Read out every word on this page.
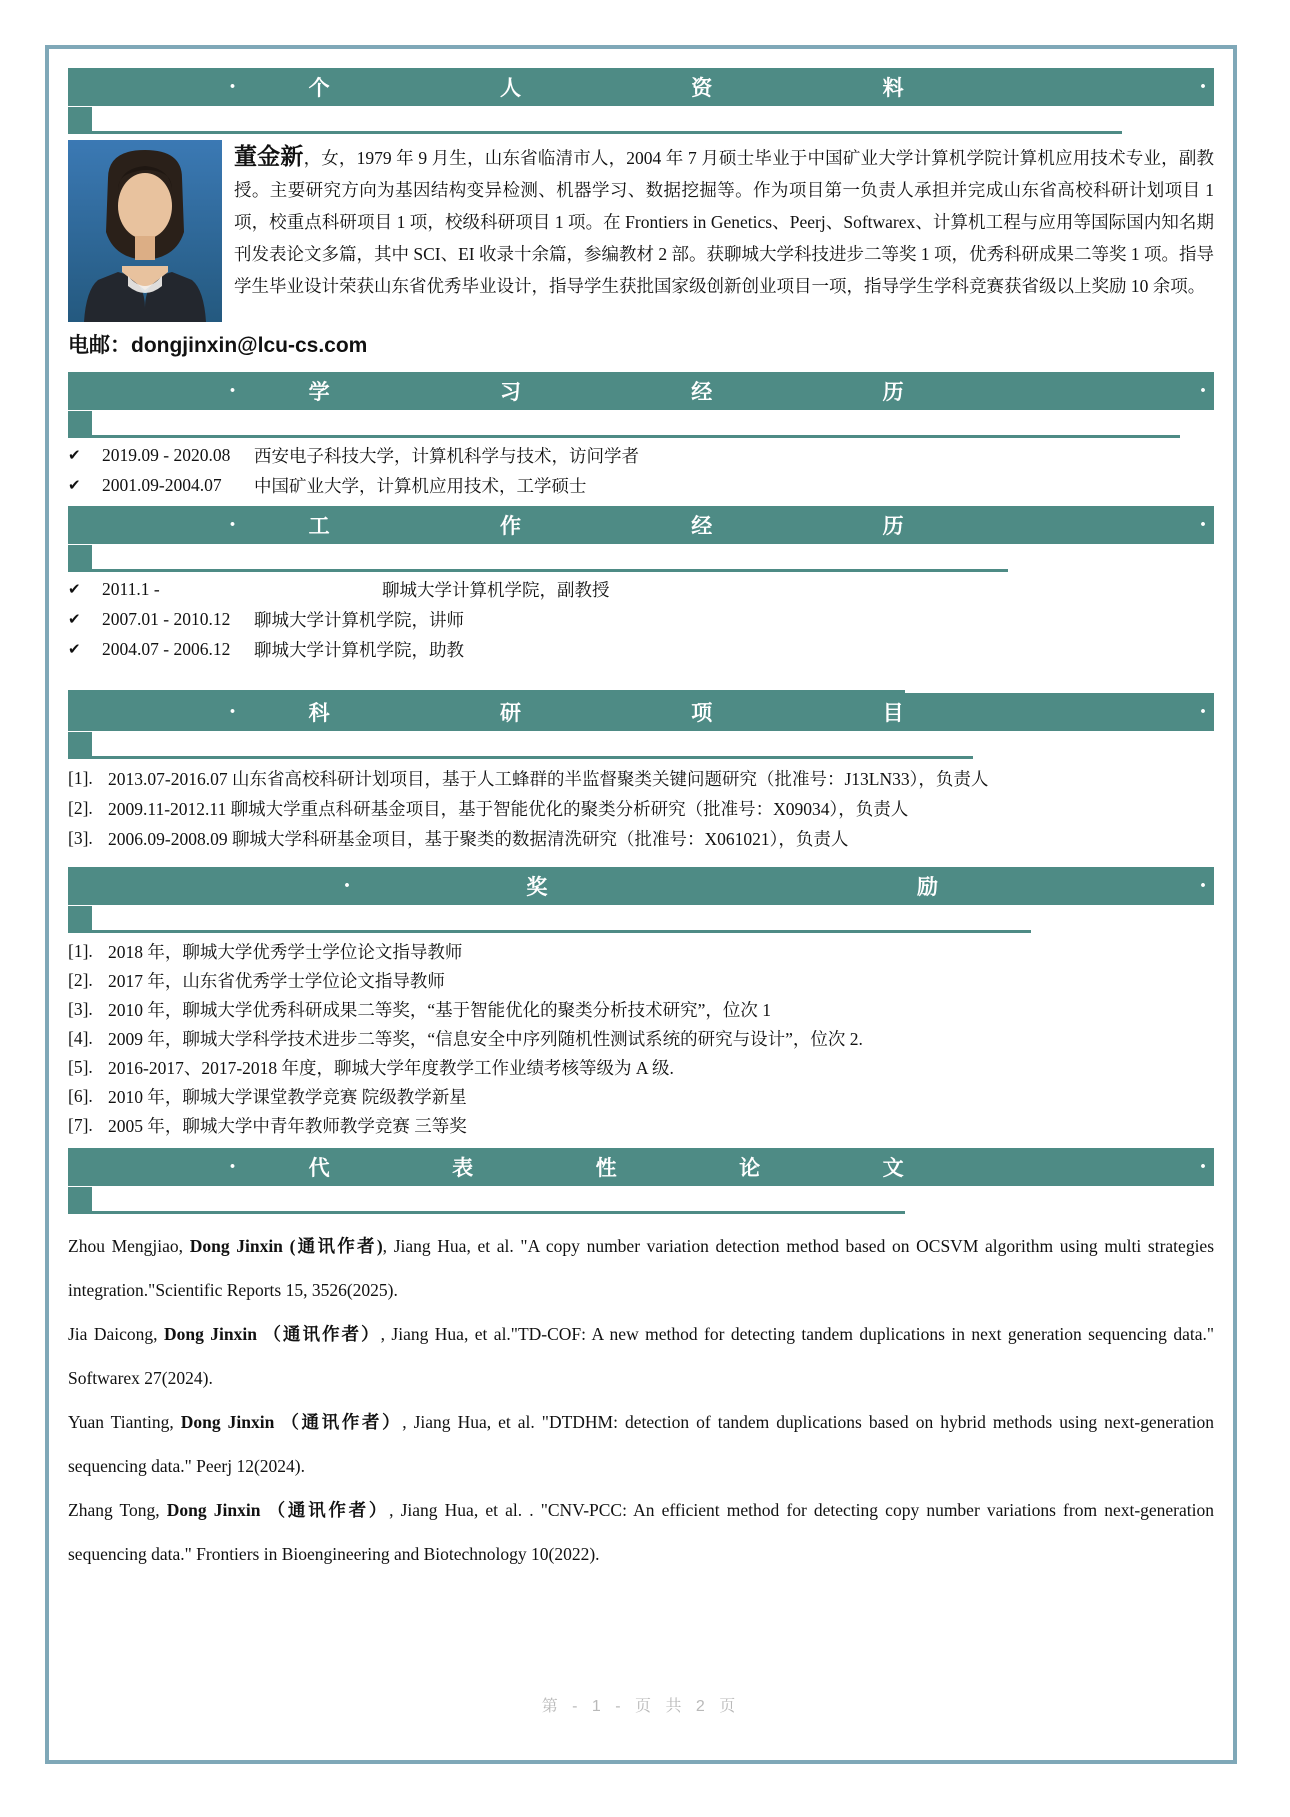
·	个 人 资 料	·

董金新，女，1979 年 9 月生，山东省临清市人，2004 年 7 月硕士毕业于中国矿业大学计算机学院计算机应用技术专业，副教授。主要研究方向为基因结构变异检测、机器学习、数据挖掘等。作为项目第一负责人承担并完成山东省高校科研计划项目 1 项，校重点科研项目 1 项，校级科研项目 1 项。在 Frontiers in Genetics、Peerj、Softwarex、计算机工程与应用等国际国内知名期刊发表论文多篇，其中 SCI、EI 收录十余篇，参编教材 2 部。获聊城大学科技进步二等奖 1 项，优秀科研成果二等奖 1 项。指导学生毕业设计荣获山东省优秀毕业设计，指导学生获批国家级创新创业项目一项，指导学生学科竞赛获省级以上奖励 10 余项。

电邮：dongjinxin@lcu-cs.com
·	学 习 经 历	·
✔	2019.09 - 2020.08	西安电子科技大学，计算机科学与技术，访问学者
✔	2001.09-2004.07	中国矿业大学，计算机应用技术，工学硕士
·	工 作 经 历	·
✔	2011.1 -	聊城大学计算机学院，副教授
✔	2007.01 - 2010.12	聊城大学计算机学院，讲师
✔	2004.07 - 2006.12	聊城大学计算机学院，助教
·	科 研 项 目	·
[1]. 2013.07-2016.07 山东省高校科研计划项目，基于人工蜂群的半监督聚类关键问题研究（批准号：J13LN33），负责人
[2]. 2009.11-2012.11 聊城大学重点科研基金项目，基于智能优化的聚类分析研究（批准号：X09034），负责人
[3]. 2006.09-2008.09 聊城大学科研基金项目，基于聚类的数据清洗研究（批准号：X061021），负责人
·	奖 励	·
[1]. 2018 年，聊城大学优秀学士学位论文指导教师
[2]. 2017 年，山东省优秀学士学位论文指导教师
[3]. 2010 年，聊城大学优秀科研成果二等奖，“基于智能优化的聚类分析技术研究”，位次 1
[4]. 2009 年，聊城大学科学技术进步二等奖，“信息安全中序列随机性测试系统的研究与设计”，位次 2.
[5]. 2016-2017、2017-2018 年度，聊城大学年度教学工作业绩考核等级为 A 级.
[6]. 2010 年，聊城大学课堂教学竞赛 院级教学新星
[7]. 2005 年，聊城大学中青年教师教学竞赛 三等奖
·	代 表 性 论 文	·

Zhou Mengjiao, Dong Jinxin (通讯作者), Jiang Hua, et al. "A copy number variation detection method based on OCSVM algorithm using multi strategies integration."Scientific Reports 15, 3526(2025).

Jia Daicong, Dong Jinxin （通讯作者）, Jiang Hua, et al."TD-COF: A new method for detecting tandem duplications in next generation sequencing data." Softwarex 27(2024).

Yuan Tianting, Dong Jinxin （通讯作者）, Jiang Hua, et al. "DTDHM: detection of tandem duplications based on hybrid methods using next-generation sequencing data." Peerj 12(2024).

Zhang Tong, Dong Jinxin （通讯作者）, Jiang Hua, et al. . "CNV-PCC: An efficient method for detecting copy number variations from next-generation sequencing data." Frontiers in Bioengineering and Biotechnology 10(2022).

第 - 1 - 页 共 2 页
